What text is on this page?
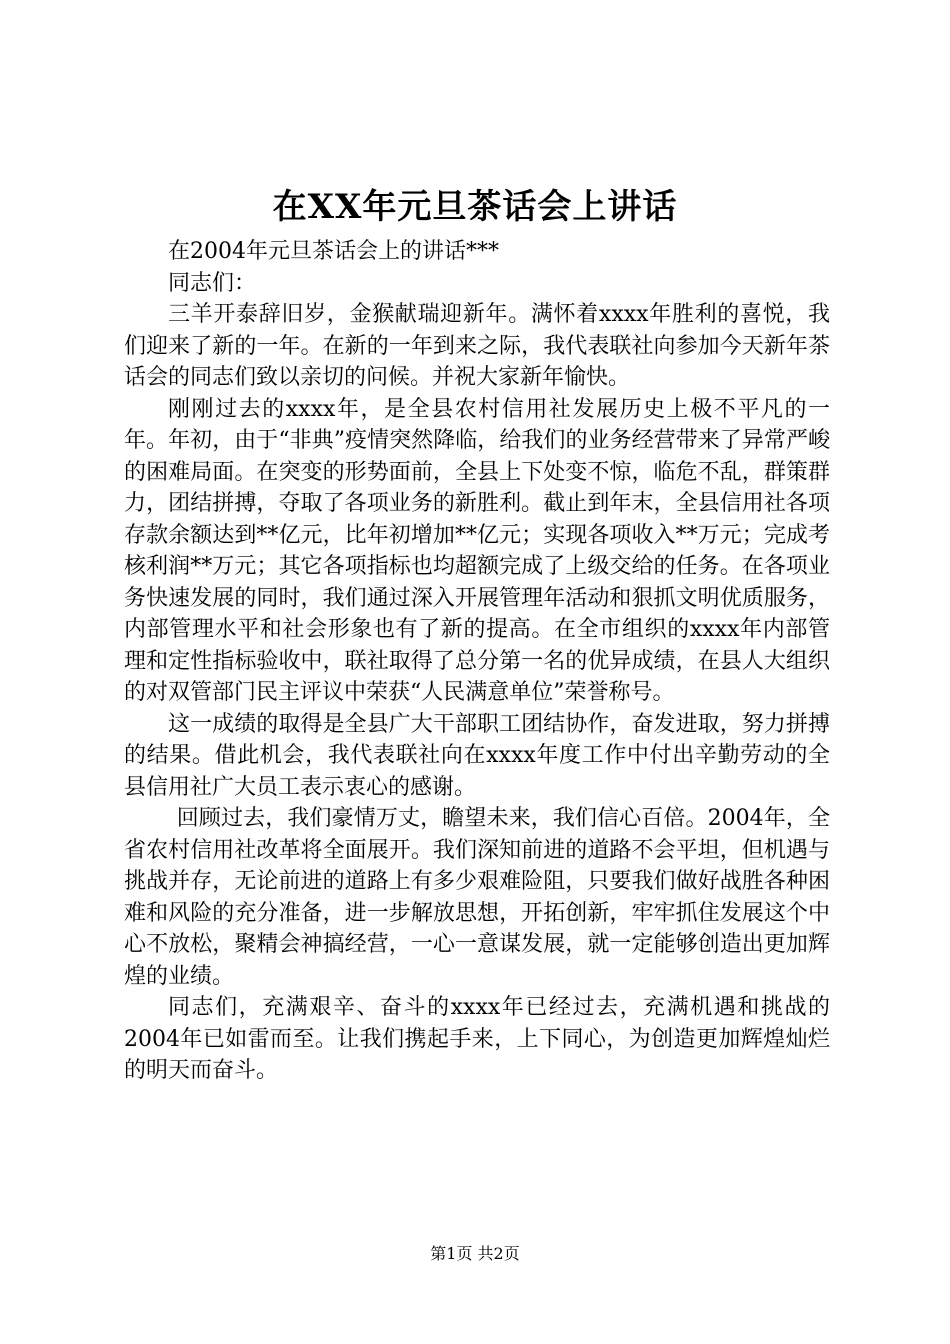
在XX年元旦茶话会上讲话

在2004年元旦茶话会上的讲话***

同志们：

三羊开泰辞旧岁，金猴献瑞迎新年。满怀着xxxx年胜利的喜悦，我们迎来了新的一年。在新的一年到来之际，我代表联社向参加今天新年茶话会的同志们致以亲切的问候。并祝大家新年愉快。

刚刚过去的xxxx年，是全县农村信用社发展历史上极不平凡的一年。年初，由于“非典”疫情突然降临，给我们的业务经营带来了异常严峻的困难局面。在突变的形势面前，全县上下处变不惊，临危不乱，群策群力，团结拼搏，夺取了各项业务的新胜利。截止到年末，全县信用社各项存款余额达到**亿元，比年初增加**亿元；实现各项收入**万元；完成考核利润**万元；其它各项指标也均超额完成了上级交给的任务。在各项业务快速发展的同时，我们通过深入开展管理年活动和狠抓文明优质服务，内部管理水平和社会形象也有了新的提高。在全市组织的xxxx年内部管理和定性指标验收中，联社取得了总分第一名的优异成绩，在县人大组织的对双管部门民主评议中荣获“人民满意单位”荣誉称号。

这一成绩的取得是全县广大干部职工团结协作，奋发进取，努力拼搏的结果。借此机会，我代表联社向在xxxx年度工作中付出辛勤劳动的全县信用社广大员工表示衷心的感谢。

回顾过去，我们豪情万丈，瞻望未来，我们信心百倍。2004年，全省农村信用社改革将全面展开。我们深知前进的道路不会平坦，但机遇与挑战并存，无论前进的道路上有多少艰难险阻，只要我们做好战胜各种困难和风险的充分准备，进一步解放思想，开拓创新，牢牢抓住发展这个中心不放松，聚精会神搞经营，一心一意谋发展，就一定能够创造出更加辉煌的业绩。

同志们，充满艰辛、奋斗的xxxx年已经过去，充满机遇和挑战的2004年已如雷而至。让我们携起手来，上下同心，为创造更加辉煌灿烂的明天而奋斗。

第1页 共2页
